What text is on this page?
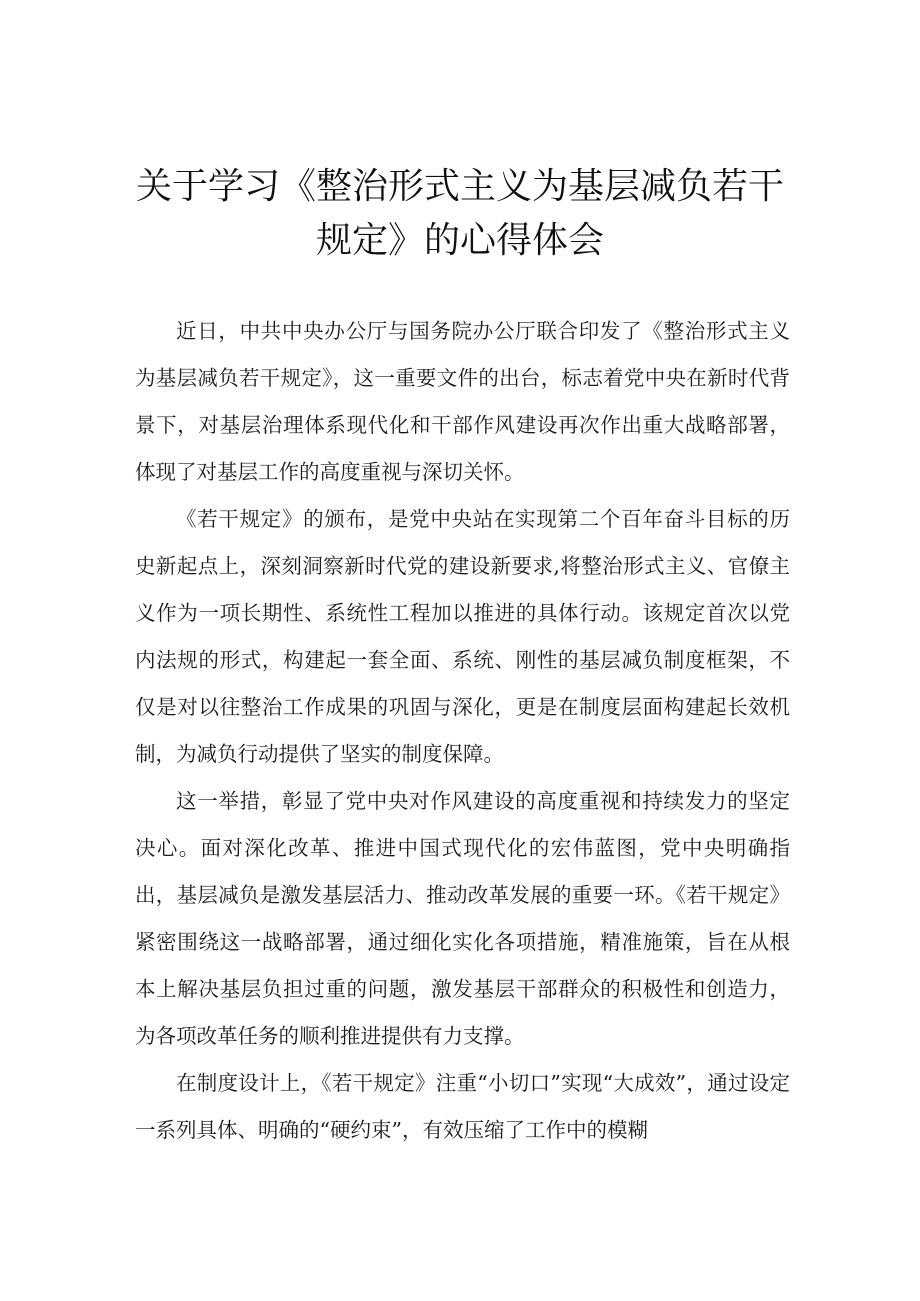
关于学习《整治形式主义为基层减负若干
规定》的心得体会

近日，中共中央办公厅与国务院办公厅联合印发了《整治形式主义为基层减负若干规定》，这一重要文件的出台，标志着党中央在新时代背景下，对基层治理体系现代化和干部作风建设再次作出重大战略部署，体现了对基层工作的高度重视与深切关怀。

《若干规定》的颁布，是党中央站在实现第二个百年奋斗目标的历史新起点上，深刻洞察新时代党的建设新要求,将整治形式主义、官僚主义作为一项长期性、系统性工程加以推进的具体行动。该规定首次以党内法规的形式，构建起一套全面、系统、刚性的基层减负制度框架，不仅是对以往整治工作成果的巩固与深化，更是在制度层面构建起长效机制，为减负行动提供了坚实的制度保障。

这一举措，彰显了党中央对作风建设的高度重视和持续发力的坚定决心。面对深化改革、推进中国式现代化的宏伟蓝图，党中央明确指出，基层减负是激发基层活力、推动改革发展的重要一环。《若干规定》紧密围绕这一战略部署，通过细化实化各项措施，精准施策，旨在从根本上解决基层负担过重的问题，激发基层干部群众的积极性和创造力，为各项改革任务的顺利推进提供有力支撑。

在制度设计上，《若干规定》注重“小切口”实现“大成效”，通过设定一系列具体、明确的“硬约束”，有效压缩了工作中的模糊
